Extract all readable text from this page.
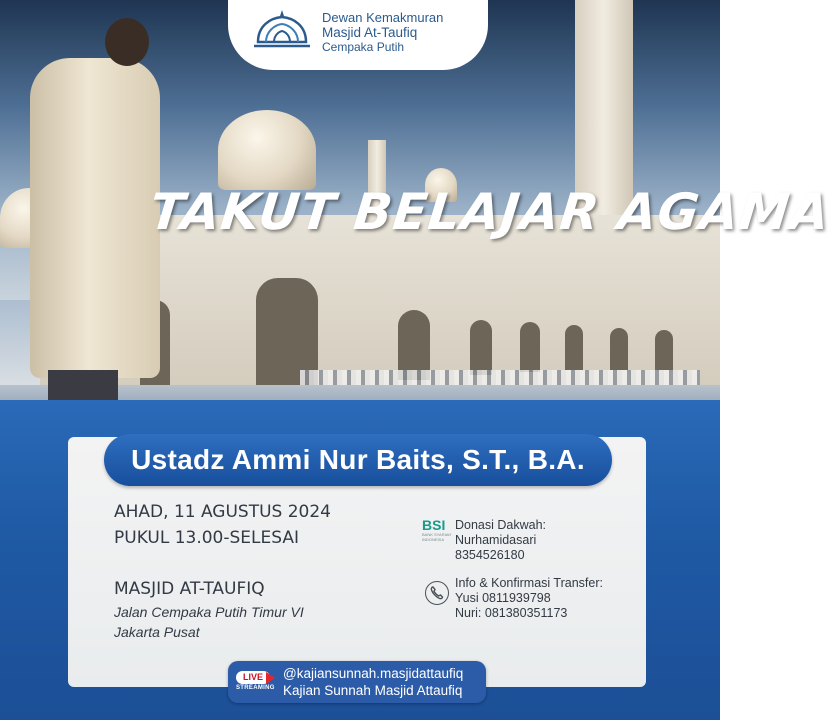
TAKUT BELAJAR AGAMA
Dewan Kemakmuran
Masjid At-Taufiq
Cempaka Putih
Ustadz Ammi Nur Baits, S.T., B.A.
AHAD, 11 AGUSTUS 2024
PUKUL 13.00-SELESAI
MASJID AT-TAUFIQ
Jalan Cempaka Putih Timur VI
Jakarta Pusat
BSI
BANK SYARIAH INDONESIA
Donasi Dakwah:
Nurhamidasari
8354526180
Info & Konfirmasi Transfer:
Yusi 0811939798
Nuri: 081380351173
LIVE
STREAMING
@kajiansunnah.masjidattaufiq
Kajian Sunnah Masjid Attaufiq
